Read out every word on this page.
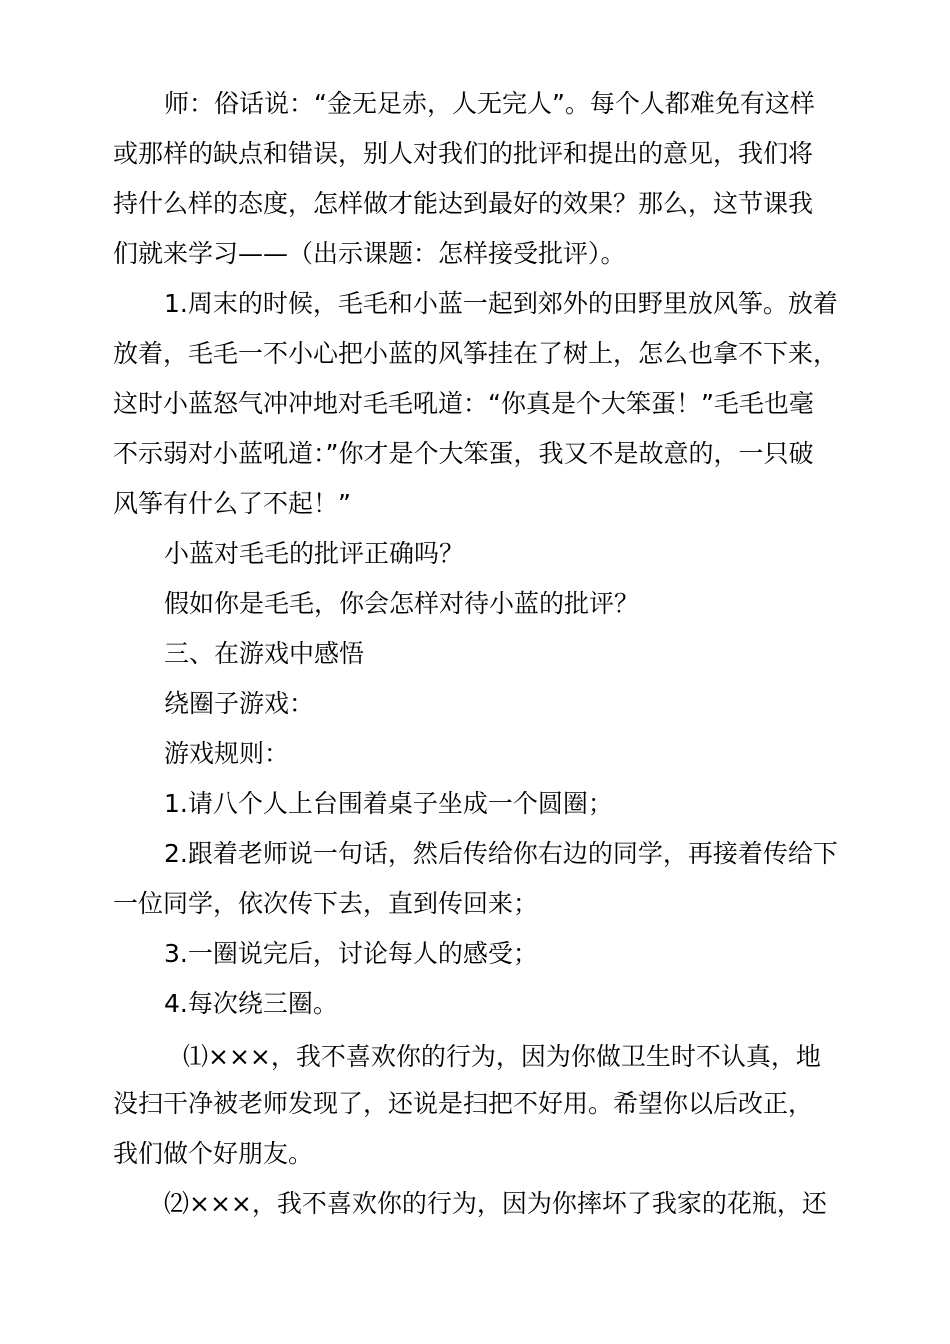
师：俗话说：“金无足赤，人无完人”。每个人都难免有这样
或那样的缺点和错误，别人对我们的批评和提出的意见，我们将
持什么样的态度，怎样做才能达到最好的效果？那么，这节课我
们就来学习——（出示课题：怎样接受批评）。
1.周末的时候，毛毛和小蓝一起到郊外的田野里放风筝。放着
放着，毛毛一不小心把小蓝的风筝挂在了树上，怎么也拿不下来，
这时小蓝怒气冲冲地对毛毛吼道：“你真是个大笨蛋！”毛毛也毫
不示弱对小蓝吼道：”你才是个大笨蛋，我又不是故意的，一只破
风筝有什么了不起！”
小蓝对毛毛的批评正确吗？
假如你是毛毛，你会怎样对待小蓝的批评？
三、在游戏中感悟
绕圈子游戏：
游戏规则：
1.请八个人上台围着桌子坐成一个圆圈；
2.跟着老师说一句话，然后传给你右边的同学，再接着传给下
一位同学，依次传下去，直到传回来；
3.一圈说完后，讨论每人的感受；
4.每次绕三圈。
⑴×××，我不喜欢你的行为，因为你做卫生时不认真，地
没扫干净被老师发现了，还说是扫把不好用。希望你以后改正，
我们做个好朋友。
⑵×××，我不喜欢你的行为，因为你摔坏了我家的花瓶，还
